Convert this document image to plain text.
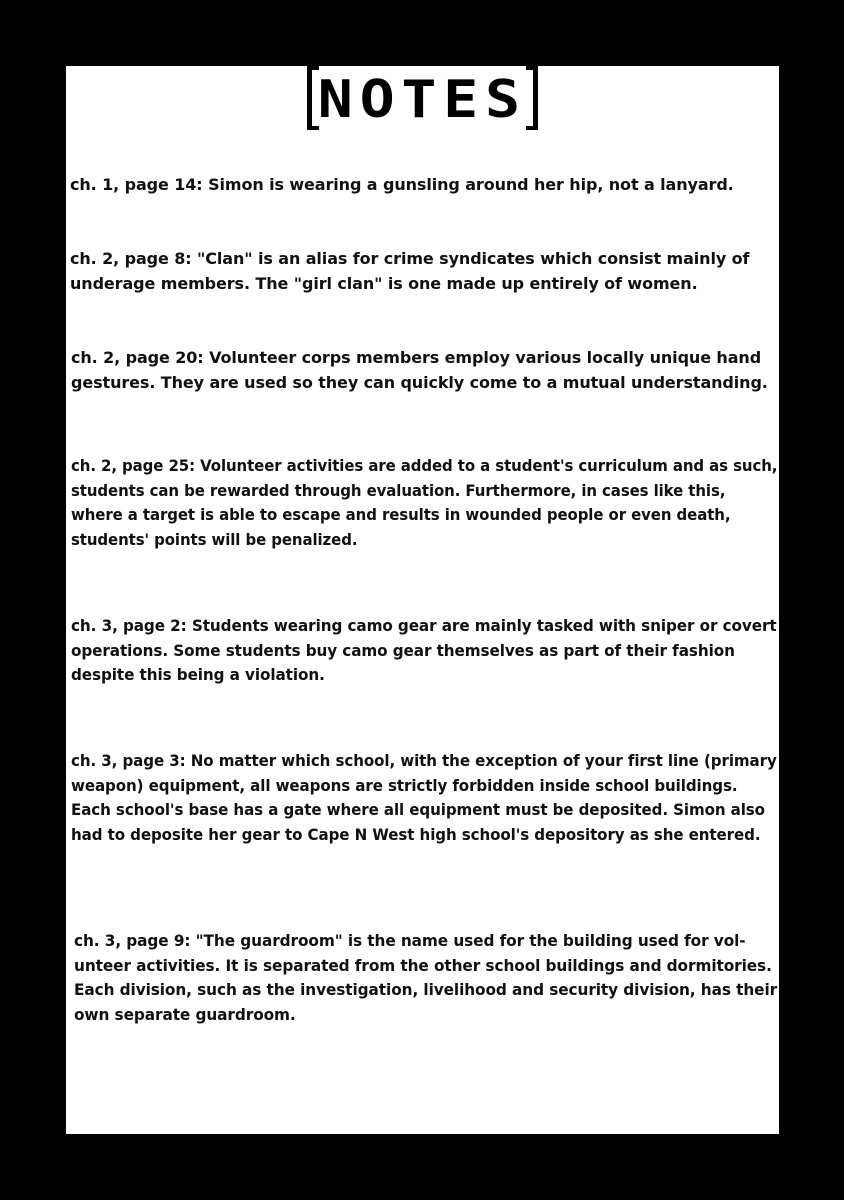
NOTES
ch. 1, page 14: Simon is wearing a gunsling around her hip, not a lanyard.
ch. 2, page 8: "Clan" is an alias for crime syndicates which consist mainly of
underage members. The "girl clan" is one made up entirely of women.
ch. 2, page 20: Volunteer corps members employ various locally unique hand
gestures. They are used so they can quickly come to a mutual understanding.
ch. 2, page 25: Volunteer activities are added to a student's curriculum and as such,
students can be rewarded through evaluation. Furthermore, in cases like this,
where a target is able to escape and results in wounded people or even death,
students' points will be penalized.
ch. 3, page 2: Students wearing camo gear are mainly tasked with sniper or covert
operations. Some students buy camo gear themselves as part of their fashion
despite this being a violation.
ch. 3, page 3: No matter which school, with the exception of your first line (primary
weapon) equipment, all weapons are strictly forbidden inside school buildings.
Each school's base has a gate where all equipment must be deposited. Simon also
had to deposite her gear to Cape N West high school's depository as she entered.
ch. 3, page 9: "The guardroom" is the name used for the building used for vol-
unteer activities. It is separated from the other school buildings and dormitories.
Each division, such as the investigation, livelihood and security division, has their
own separate guardroom.
